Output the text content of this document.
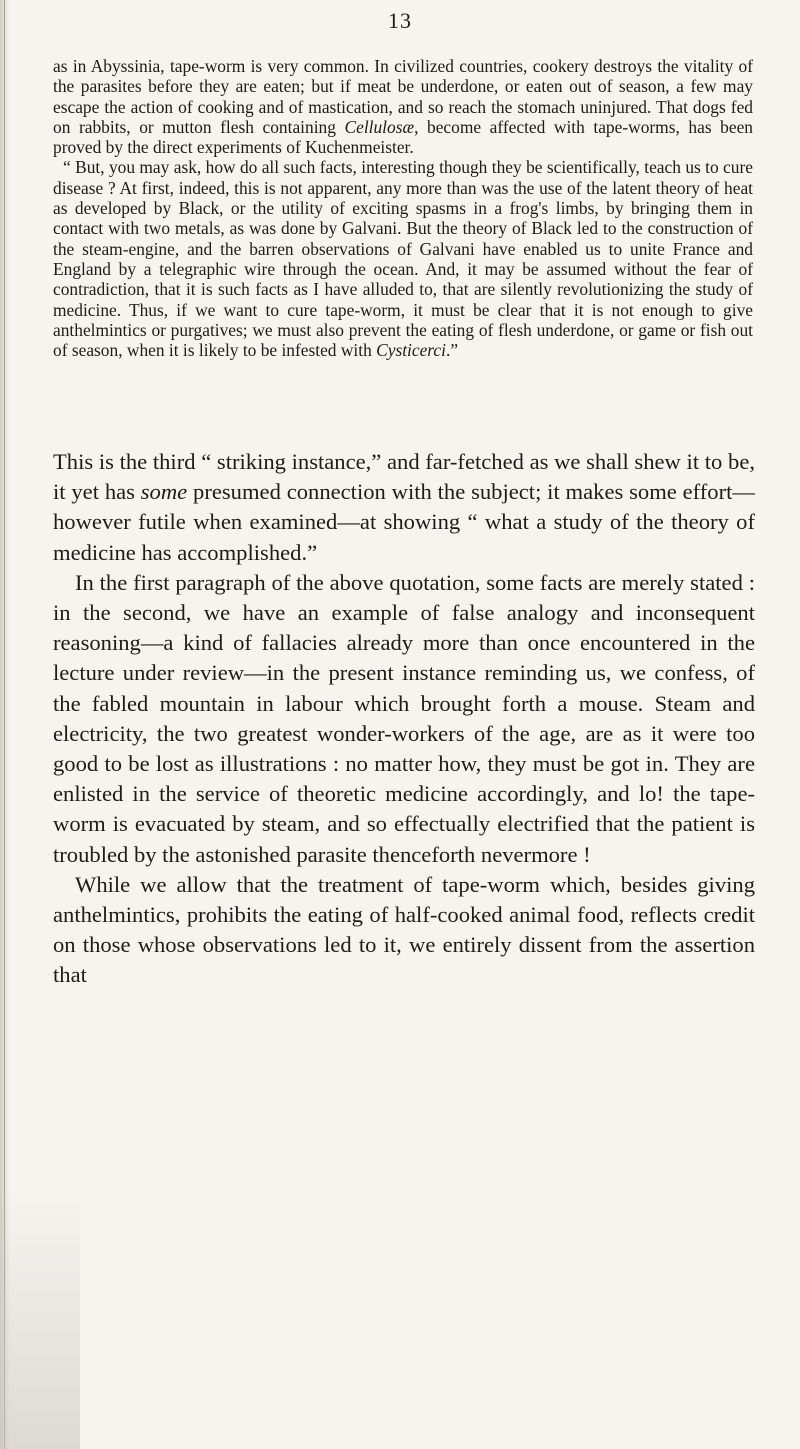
13

as in Abyssinia, tape-worm is very common. In civilized countries, cookery destroys the vitality of the parasites before they are eaten; but if meat be underdone, or eaten out of season, a few may escape the action of cooking and of mastication, and so reach the stomach uninjured. That dogs fed on rabbits, or mutton flesh containing Cellulosæ, become affected with tape-worms, has been proved by the direct experiments of Kuchenmeister.

“ But, you may ask, how do all such facts, interesting though they be scientifically, teach us to cure disease ? At first, indeed, this is not apparent, any more than was the use of the latent theory of heat as developed by Black, or the utility of exciting spasms in a frog's limbs, by bringing them in contact with two metals, as was done by Galvani. But the theory of Black led to the construction of the steam-engine, and the barren observations of Galvani have enabled us to unite France and England by a telegraphic wire through the ocean. And, it may be assumed without the fear of contradiction, that it is such facts as I have alluded to, that are silently revolutionizing the study of medicine. Thus, if we want to cure tape-worm, it must be clear that it is not enough to give anthelmintics or purgatives; we must also prevent the eating of flesh underdone, or game or fish out of season, when it is likely to be infested with Cysticerci.”

This is the third “ striking instance,” and far-fetched as we shall shew it to be, it yet has some presumed connection with the subject; it makes some effort—however futile when examined—at showing “ what a study of the theory of medicine has accomplished.”

In the first paragraph of the above quotation, some facts are merely stated : in the second, we have an example of false analogy and inconsequent reasoning—a kind of fallacies already more than once encountered in the lecture under review—in the present instance reminding us, we confess, of the fabled mountain in labour which brought forth a mouse. Steam and electricity, the two greatest wonder-workers of the age, are as it were too good to be lost as illustrations : no matter how, they must be got in. They are enlisted in the service of theoretic medicine accordingly, and lo! the tape-worm is evacuated by steam, and so effectually electrified that the patient is troubled by the astonished parasite thenceforth nevermore !

While we allow that the treatment of tape-worm which, besides giving anthelmintics, prohibits the eating of half-cooked animal food, reflects credit on those whose observations led to it, we entirely dissent from the assertion that
